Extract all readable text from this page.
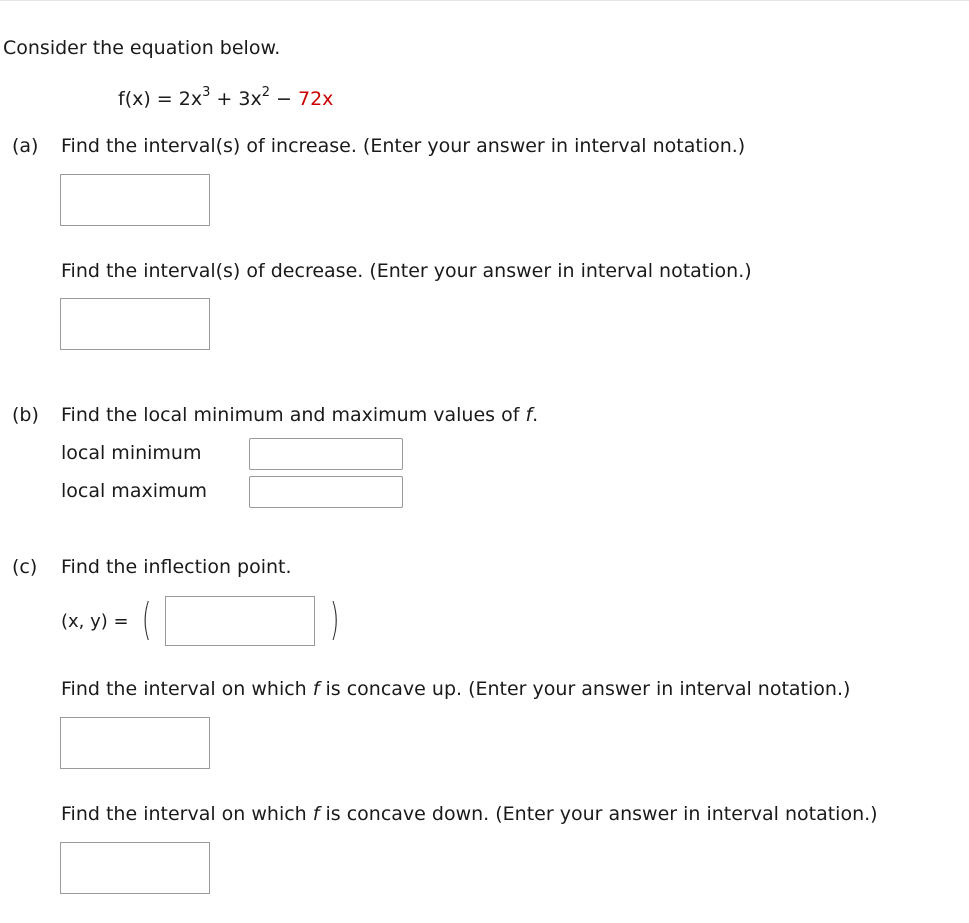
Consider the equation below.
$f(x) = 2x^3 + 3x^2 - 72x$
(a) Find the interval(s) of increase. (Enter your answer in interval notation.)
Find the interval(s) of decrease. (Enter your answer in interval notation.)
(b) Find the local minimum and maximum values of f.
local minimum
local maximum
(c) Find the inflection point.
(x, y) = (	)
Find the interval on which f is concave up. (Enter your answer in interval notation.)
Find the interval on which f is concave down. (Enter your answer in interval notation.)
